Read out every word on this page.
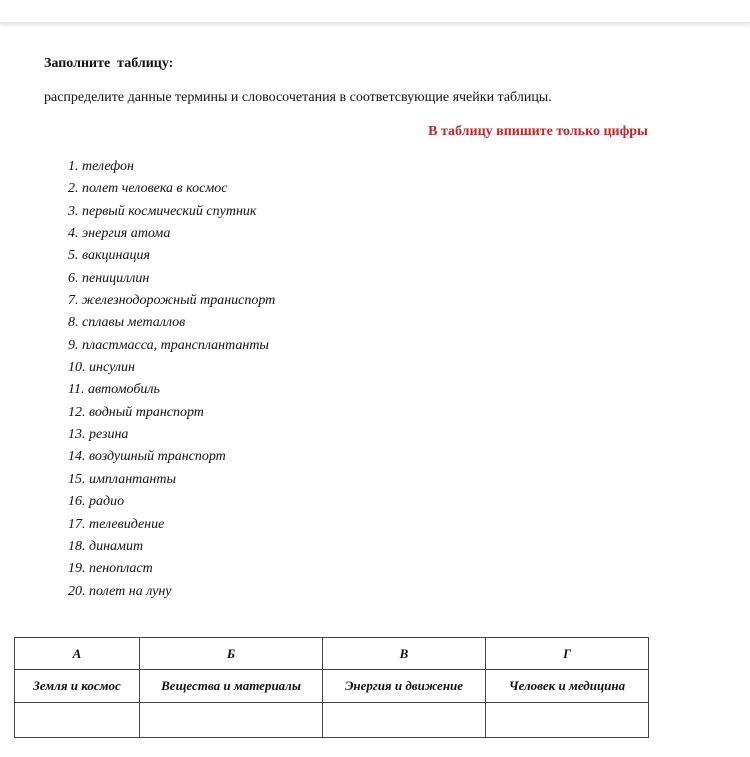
Заполните  таблицу:
распределите данные термины и словосочетания в соответсвующие ячейки таблицы.
В таблицу впишите только цифры
1. телефон
2. полет человека в космос
3. первый космический спутник
4. энергия атома
5. вакцинация
6. пенициллин
7. железнодорожный траниспорт
8. сплавы металлов
9. пластмасса, трансплантанты
10. инсулин
11. автомобиль
12. водный транспорт
13. резина
14. воздушный транспорт
15. имплантанты
16. радио
17. телевидение
18. динамит
19. пенопласт
20. полет на луну
А	Б	В	Г
Земля и космос	Вещества и материалы	Энергия и движение	Человек и медицина
